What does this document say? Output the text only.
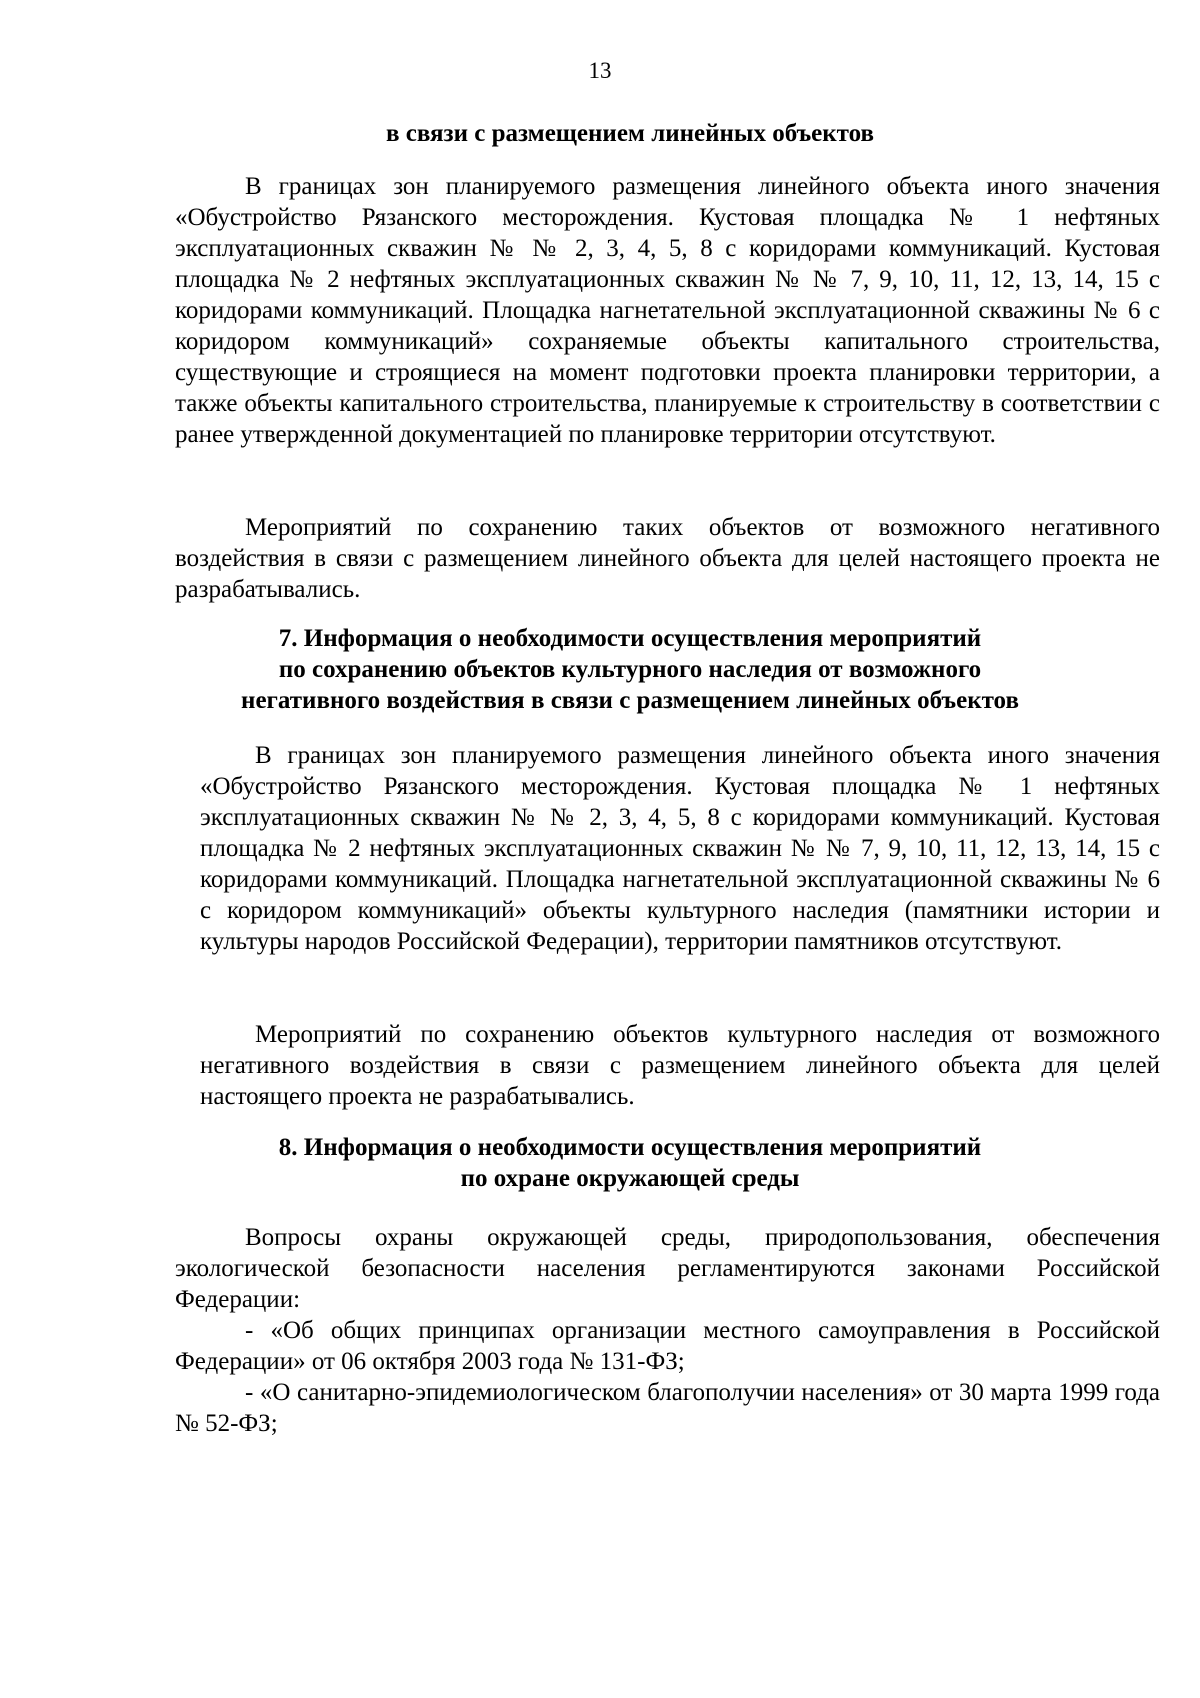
13
в связи с размещением линейных объектов

В границах зон планируемого размещения линейного объекта иного значения «Обустройство Рязанского месторождения. Кустовая площадка № 1 нефтяных эксплуатационных скважин № № 2, 3, 4, 5, 8 с коридорами коммуникаций. Кустовая площадка № 2 нефтяных эксплуатационных скважин № № 7, 9, 10, 11, 12, 13, 14, 15 с коридорами коммуникаций. Площадка нагнетательной эксплуатационной скважины № 6 с коридором коммуникаций» сохраняемые объекты капитального строительства, существующие и строящиеся на момент подготовки проекта планировки территории, а также объекты капитального строительства, планируемые к строительству в соответствии с ранее утвержденной документацией по планировке территории отсутствуют.

Мероприятий по сохранению таких объектов от возможного негативного воздействия в связи с размещением линейного объекта для целей настоящего проекта не разрабатывались.

7. Информация о необходимости осуществления мероприятий
по сохранению объектов культурного наследия от возможного
негативного воздействия в связи с размещением линейных объектов

В границах зон планируемого размещения линейного объекта иного значения «Обустройство Рязанского месторождения. Кустовая площадка № 1 нефтяных эксплуатационных скважин № № 2, 3, 4, 5, 8 с коридорами коммуникаций. Кустовая площадка № 2 нефтяных эксплуатационных скважин № № 7, 9, 10, 11, 12, 13, 14, 15 с коридорами коммуникаций. Площадка нагнетательной эксплуатационной скважины № 6 с коридором коммуникаций» объекты культурного наследия (памятники истории и культуры народов Российской Федерации), территории памятников отсутствуют.

Мероприятий по сохранению объектов культурного наследия от возможного негативного воздействия в связи с размещением линейного объекта для целей настоящего проекта не разрабатывались.

8. Информация о необходимости осуществления мероприятий
по охране окружающей среды

Вопросы охраны окружающей среды, природопользования, обеспечения экологической безопасности населения регламентируются законами Российской Федерации:

- «Об общих принципах организации местного самоуправления в Российской Федерации» от 06 октября 2003 года № 131-ФЗ;

- «О санитарно-эпидемиологическом благополучии населения» от 30 марта 1999 года № 52-ФЗ;
